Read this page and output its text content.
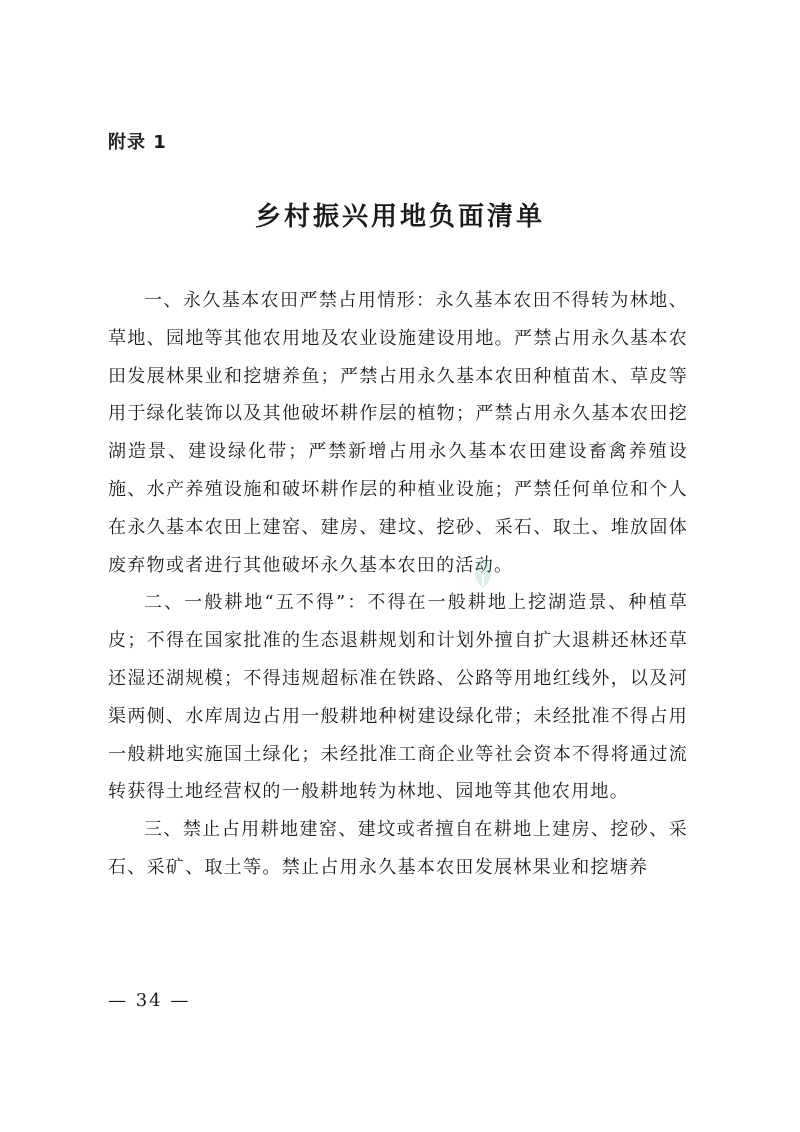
附录 1
乡村振兴用地负面清单

一、永久基本农田严禁占用情形：永久基本农田不得转为林地、草地、园地等其他农用地及农业设施建设用地。严禁占用永久基本农田发展林果业和挖塘养鱼；严禁占用永久基本农田种植苗木、草皮等用于绿化装饰以及其他破坏耕作层的植物；严禁占用永久基本农田挖湖造景、建设绿化带；严禁新增占用永久基本农田建设畜禽养殖设施、水产养殖设施和破坏耕作层的种植业设施；严禁任何单位和个人在永久基本农田上建窑、建房、建坟、挖砂、采石、取土、堆放固体废弃物或者进行其他破坏永久基本农田的活动。

二、一般耕地“五不得”：不得在一般耕地上挖湖造景、种植草皮；不得在国家批准的生态退耕规划和计划外擅自扩大退耕还林还草还湿还湖规模；不得违规超标准在铁路、公路等用地红线外，以及河渠两侧、水库周边占用一般耕地种树建设绿化带；未经批准不得占用一般耕地实施国土绿化；未经批准工商企业等社会资本不得将通过流转获得土地经营权的一般耕地转为林地、园地等其他农用地。

三、禁止占用耕地建窑、建坟或者擅自在耕地上建房、挖砂、采石、采矿、取土等。禁止占用永久基本农田发展林果业和挖塘养

— 34 —
